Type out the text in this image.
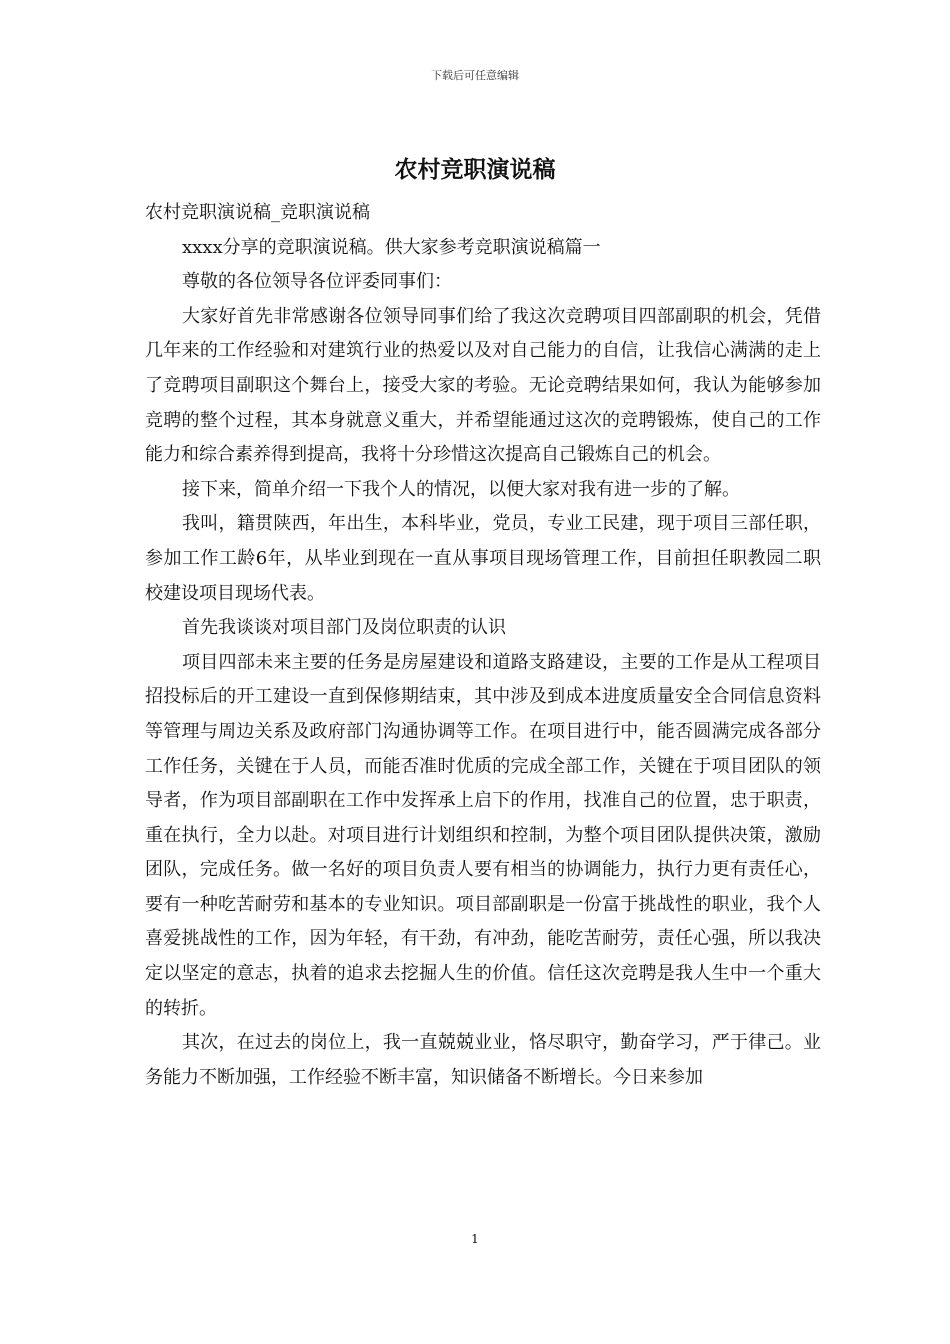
下载后可任意编辑
农村竞职演说稿

农村竞职演说稿_竞职演说稿

xxxx分享的竞职演说稿。供大家参考竞职演说稿篇一

尊敬的各位领导各位评委同事们：

大家好首先非常感谢各位领导同事们给了我这次竞聘项目四部副职的机会，凭借几年来的工作经验和对建筑行业的热爱以及对自己能力的自信，让我信心满满的走上了竞聘项目副职这个舞台上，接受大家的考验。无论竞聘结果如何，我认为能够参加竞聘的整个过程，其本身就意义重大，并希望能通过这次的竞聘锻炼，使自己的工作能力和综合素养得到提高，我将十分珍惜这次提高自己锻炼自己的机会。

接下来，简单介绍一下我个人的情况，以便大家对我有进一步的了解。

我叫，籍贯陕西，年出生，本科毕业，党员，专业工民建，现于项目三部任职，参加工作工龄6年，从毕业到现在一直从事项目现场管理工作，目前担任职教园二职校建设项目现场代表。

首先我谈谈对项目部门及岗位职责的认识

项目四部未来主要的任务是房屋建设和道路支路建设，主要的工作是从工程项目招投标后的开工建设一直到保修期结束，其中涉及到成本进度质量安全合同信息资料等管理与周边关系及政府部门沟通协调等工作。在项目进行中，能否圆满完成各部分工作任务，关键在于人员，而能否准时优质的完成全部工作，关键在于项目团队的领导者，作为项目部副职在工作中发挥承上启下的作用，找准自己的位置，忠于职责，重在执行，全力以赴。对项目进行计划组织和控制，为整个项目团队提供决策，激励团队，完成任务。做一名好的项目负责人要有相当的协调能力，执行力更有责任心，要有一种吃苦耐劳和基本的专业知识。项目部副职是一份富于挑战性的职业，我个人喜爱挑战性的工作，因为年轻，有干劲，有冲劲，能吃苦耐劳，责任心强，所以我决定以坚定的意志，执着的追求去挖掘人生的价值。信任这次竞聘是我人生中一个重大的转折。

其次，在过去的岗位上，我一直兢兢业业，恪尽职守，勤奋学习，严于律己。业务能力不断加强，工作经验不断丰富，知识储备不断增长。今日来参加

1
